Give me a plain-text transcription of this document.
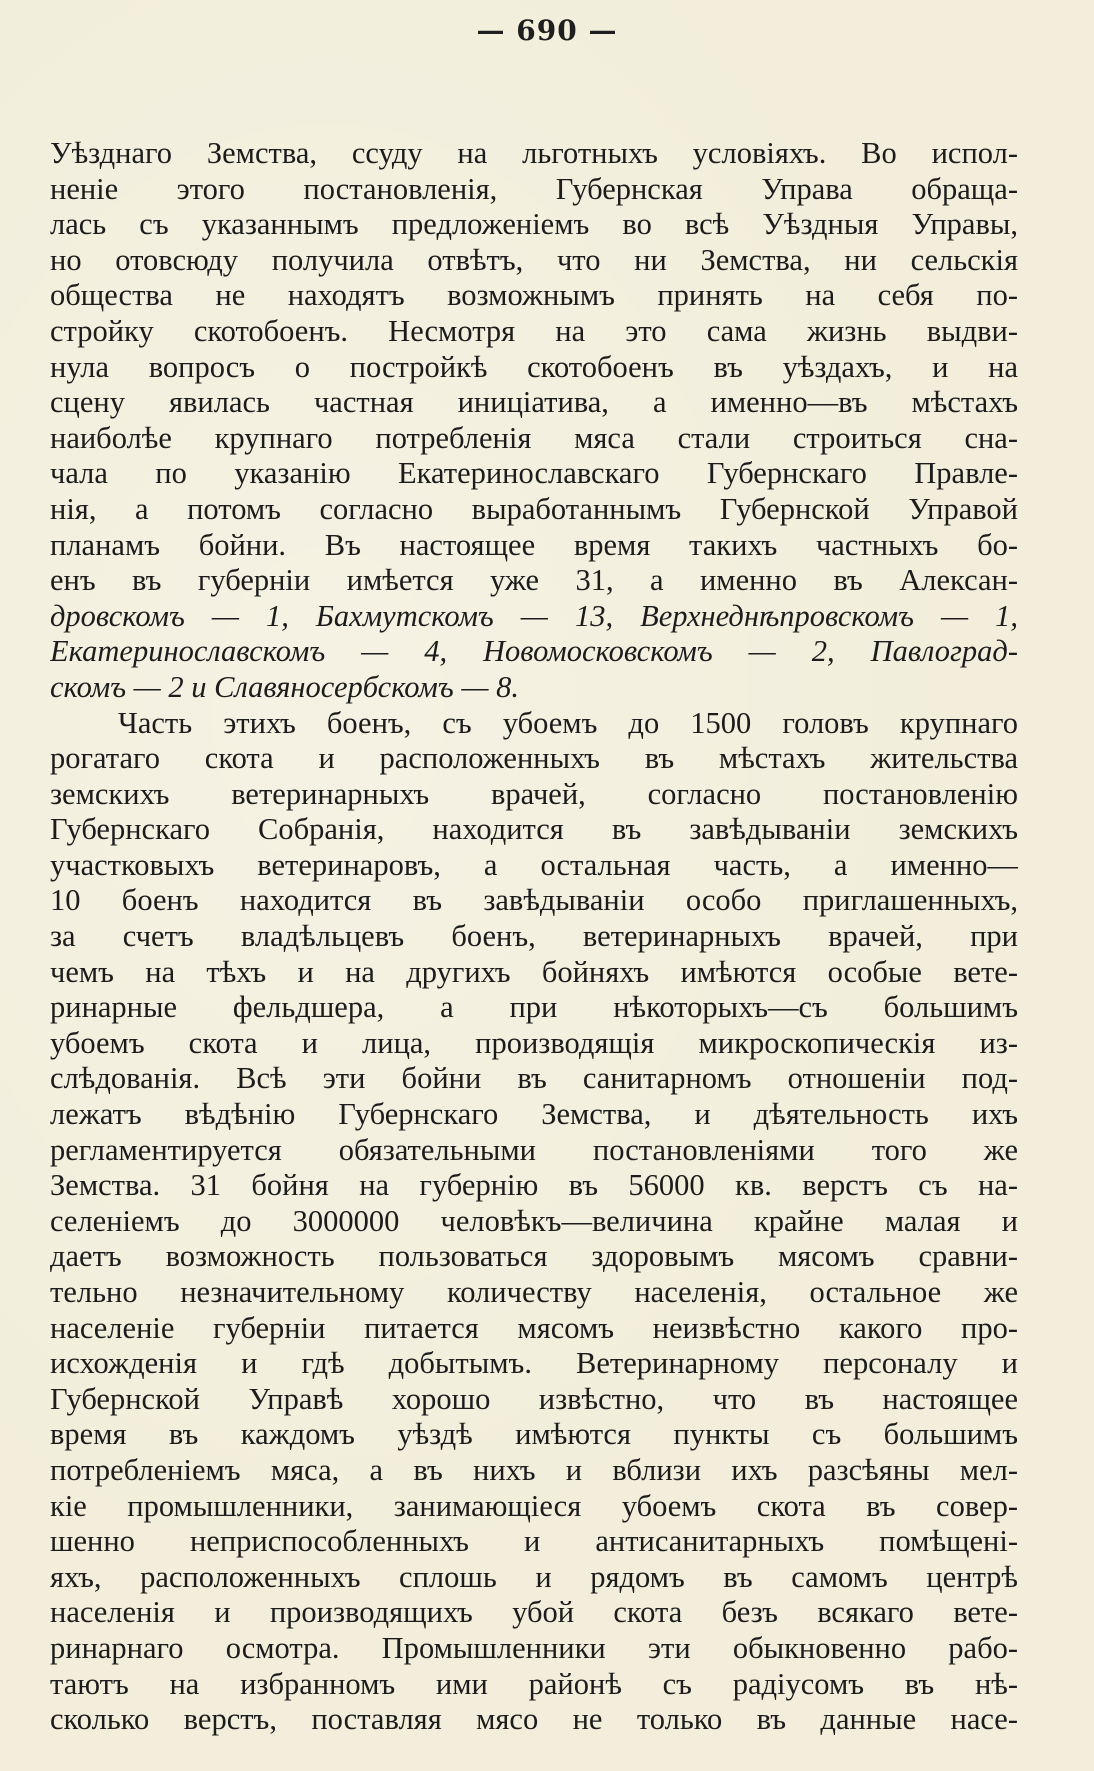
— 690 —
Уѣзднаго Земства, ссуду на льготныхъ условіяхъ. Во испол-
неніе этого постановленія, Губернская Управа обраща-
лась съ указаннымъ предложеніемъ во всѣ Уѣздныя Управы,
но отовсюду получила отвѣтъ, что ни Земства, ни сельскія
общества не находятъ возможнымъ принять на себя по-
стройку скотобоенъ. Несмотря на это сама жизнь выдви-
нула вопросъ о постройкѣ скотобоенъ въ уѣздахъ, и на
сцену явилась частная иниціатива, а именно—въ мѣстахъ
наиболѣе крупнаго потребленія мяса стали строиться сна-
чала по указанію Екатеринославскаго Губернскаго Правле-
нія, а потомъ согласно выработаннымъ Губернской Управой
планамъ бойни. Въ настоящее время такихъ частныхъ бо-
енъ въ губерніи имѣется уже 31, а именно въ Алексан-
дровскомъ — 1, Бахмутскомъ — 13, Верхнеднѣпровскомъ — 1,
Екатеринославскомъ — 4, Новомосковскомъ — 2, Павлоград-
скомъ — 2 и Славяносербскомъ — 8.
Часть этихъ боенъ, съ убоемъ до 1500 головъ крупнаго
рогатаго скота и расположенныхъ въ мѣстахъ жительства
земскихъ ветеринарныхъ врачей, согласно постановленію
Губернскаго Собранія, находится въ завѣдываніи земскихъ
участковыхъ ветеринаровъ, а остальная часть, а именно—
10 боенъ находится въ завѣдываніи особо приглашенныхъ,
за счетъ владѣльцевъ боенъ, ветеринарныхъ врачей, при
чемъ на тѣхъ и на другихъ бойняхъ имѣются особые вете-
ринарные фельдшера, а при нѣкоторыхъ—съ большимъ
убоемъ скота и лица, производящія микроскопическія из-
слѣдованія. Всѣ эти бойни въ санитарномъ отношеніи под-
лежатъ вѣдѣнію Губернскаго Земства, и дѣятельность ихъ
регламентируется обязательными постановленіями того же
Земства. 31 бойня на губернію въ 56000 кв. верстъ съ на-
селеніемъ до 3000000 человѣкъ—величина крайне малая и
даетъ возможность пользоваться здоровымъ мясомъ сравни-
тельно незначительному количеству населенія, остальное же
населеніе губерніи питается мясомъ неизвѣстно какого про-
исхожденія и гдѣ добытымъ. Ветеринарному персоналу и
Губернской Управѣ хорошо извѣстно, что въ настоящее
время въ каждомъ уѣздѣ имѣются пункты съ большимъ
потребленіемъ мяса, а въ нихъ и вблизи ихъ разсѣяны мел-
кіе промышленники, занимающіеся убоемъ скота въ совер-
шенно неприспособленныхъ и антисанитарныхъ помѣщені-
яхъ, расположенныхъ сплошь и рядомъ въ самомъ центрѣ
населенія и производящихъ убой скота безъ всякаго вете-
ринарнаго осмотра. Промышленники эти обыкновенно рабо-
таютъ на избранномъ ими районѣ съ радіусомъ въ нѣ-
сколько верстъ, поставляя мясо не только въ данные насе-
